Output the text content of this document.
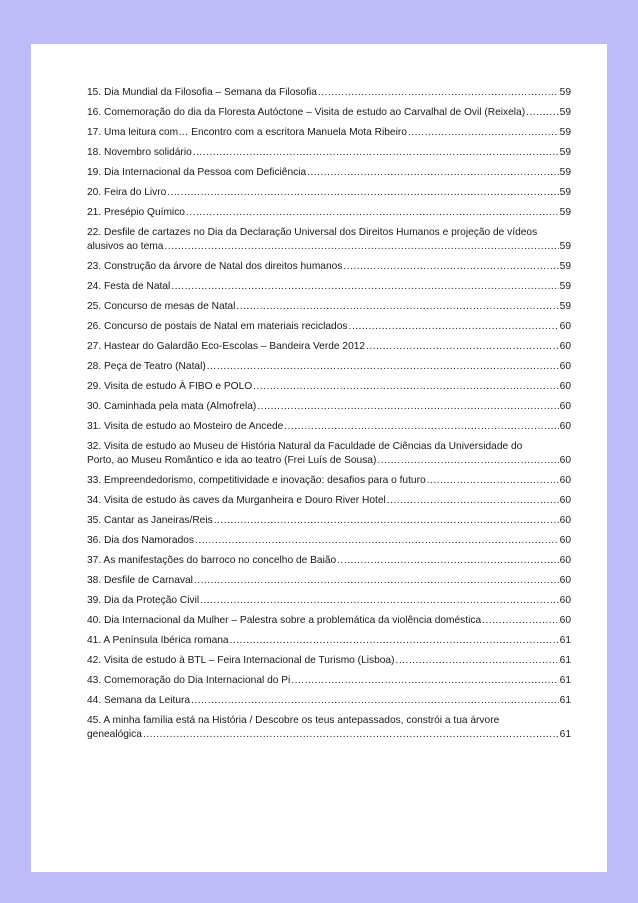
15. Dia Mundial da Filosofia – Semana da Filosofia .....	59
16. Comemoração do dia da Floresta Autóctone – Visita de estudo ao Carvalhal de Ovil (Reixela) .....	59
17. Uma leitura com… Encontro com a escritora Manuela Mota Ribeiro .....	59
18. Novembro solidário .....	59
19. Dia Internacional da Pessoa com Deficiência .....	59
20. Feira do Livro .....	59
21. Presépio Químico .....	59
22. Desfile de cartazes no Dia da Declaração Universal dos Direitos Humanos e projeção de vídeos
alusivos ao tema .....	59
23. Construção da árvore de Natal dos direitos humanos .....	59
24. Festa de Natal .....	59
25. Concurso de mesas de Natal .....	59
26. Concurso de postais de Natal em materiais reciclados .....	60
27. Hastear do Galardão Eco-Escolas – Bandeira Verde 2012 .....	60
28. Peça de Teatro (Natal) .....	60
29. Visita de estudo À FIBO e POLO .....	60
30. Caminhada pela mata (Almofrela) .....	60
31. Visita de estudo ao Mosteiro de Ancede .....	60
32. Visita de estudo ao Museu de História Natural da Faculdade de Ciências da Universidade do
Porto, ao Museu Romântico e ida ao teatro (Frei Luís de Sousa) .....	60
33. Empreendedorismo, competitividade e inovação: desafios para o futuro .....	60
34. Visita de estudo às caves da Murganheira e Douro River Hotel .....	60
35. Cantar as Janeiras/Reis .....	60
36. Dia dos Namorados .....	60
37. As manifestações do barroco no concelho de Baião .....	60
38. Desfile de Carnaval .....	60
39. Dia da Proteção Civil .....	60
40. Dia Internacional da Mulher – Palestra sobre a problemática da violência doméstica .....	60
41. A Península Ibérica romana .....	61
42. Visita de estudo à BTL – Feira Internacional de Turismo (Lisboa) .....	61
43. Comemoração do Dia Internacional do Pi .....	61
44. Semana da Leitura .....	61
45. A minha família está na História / Descobre os teus antepassados, constrói a tua árvore
genealógica .....	61
